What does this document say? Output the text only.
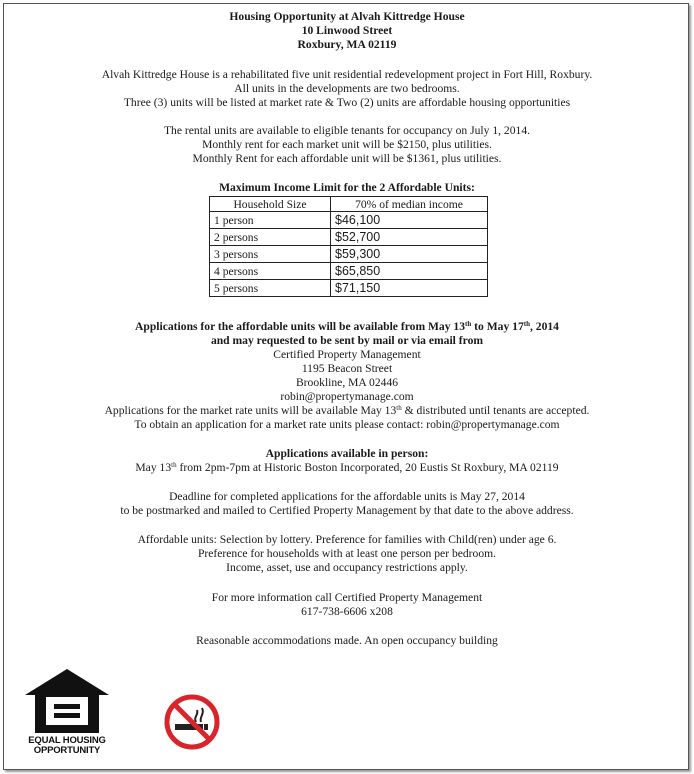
Housing Opportunity at Alvah Kittredge House
10 Linwood Street
Roxbury, MA 02119
Alvah Kittredge House is a rehabilitated five unit residential redevelopment project in Fort Hill, Roxbury.
All units in the developments are two bedrooms.
Three (3) units will be listed at market rate & Two (2) units are affordable housing opportunities
The rental units are available to eligible tenants for occupancy on July 1, 2014.
Monthly rent for each market unit will be $2150, plus utilities.
Monthly Rent for each affordable unit will be $1361, plus utilities.
Maximum Income Limit for the 2 Affordable Units:
Household Size	70% of median income
1 person	$46,100
2 persons	$52,700
3 persons	$59,300
4 persons	$65,850
5 persons	$71,150
Applications for the affordable units will be available from May 13th to May 17th, 2014
and may requested to be sent by mail or via email from
Certified Property Management
1195 Beacon Street
Brookline, MA 02446
robin@propertymanage.com
Applications for the market rate units will be available May 13th & distributed until tenants are accepted.
To obtain an application for a market rate units please contact: robin@propertymanage.com
Applications available in person:
May 13th from 2pm-7pm at Historic Boston Incorporated, 20 Eustis St Roxbury, MA 02119
Deadline for completed applications for the affordable units is May 27, 2014
to be postmarked and mailed to Certified Property Management by that date to the above address.
Affordable units: Selection by lottery. Preference for families with Child(ren) under age 6.
Preference for households with at least one person per bedroom.
Income, asset, use and occupancy restrictions apply.
For more information call Certified Property Management
617-738-6606 x208
Reasonable accommodations made. An open occupancy building
EQUAL HOUSING OPPORTUNITY
